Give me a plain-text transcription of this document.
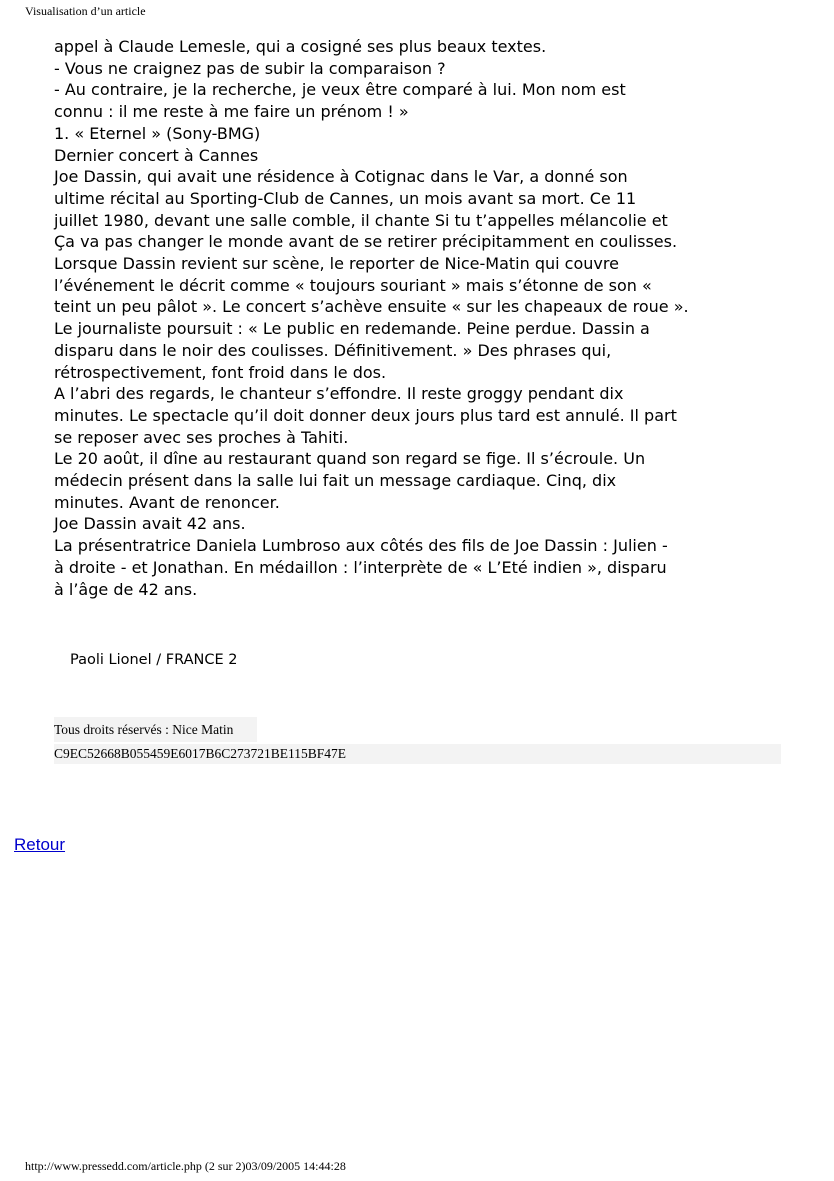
Visualisation d’un article
appel à Claude Lemesle, qui a cosigné ses plus beaux textes.
- Vous ne craignez pas de subir la comparaison ?
- Au contraire, je la recherche, je veux être comparé à lui. Mon nom est
connu : il me reste à me faire un prénom ! »
1. « Eternel » (Sony-BMG)
Dernier concert à Cannes
Joe Dassin, qui avait une résidence à Cotignac dans le Var, a donné son
ultime récital au Sporting-Club de Cannes, un mois avant sa mort. Ce 11
juillet 1980, devant une salle comble, il chante Si tu t’appelles mélancolie et
Ça va pas changer le monde avant de se retirer précipitamment en coulisses.
Lorsque Dassin revient sur scène, le reporter de Nice-Matin qui couvre
l’événement le décrit comme « toujours souriant » mais s’étonne de son «
teint un peu pâlot ». Le concert s’achève ensuite « sur les chapeaux de roue ».
Le journaliste poursuit : « Le public en redemande. Peine perdue. Dassin a
disparu dans le noir des coulisses. Définitivement. » Des phrases qui,
rétrospectivement, font froid dans le dos.
A l’abri des regards, le chanteur s’effondre. Il reste groggy pendant dix
minutes. Le spectacle qu’il doit donner deux jours plus tard est annulé. Il part
se reposer avec ses proches à Tahiti.
Le 20 août, il dîne au restaurant quand son regard se fige. Il s’écroule. Un
médecin présent dans la salle lui fait un message cardiaque. Cinq, dix
minutes. Avant de renoncer.
Joe Dassin avait 42 ans.
La présentratrice Daniela Lumbroso aux côtés des fils de Joe Dassin : Julien -
à droite - et Jonathan. En médaillon : l’interprète de « L’Eté indien », disparu
à l’âge de 42 ans.
Paoli Lionel / FRANCE 2
Tous droits réservés : Nice Matin
C9EC52668B055459E6017B6C273721BE115BF47E
Retour
http://www.pressedd.com/article.php (2 sur 2)03/09/2005 14:44:28
